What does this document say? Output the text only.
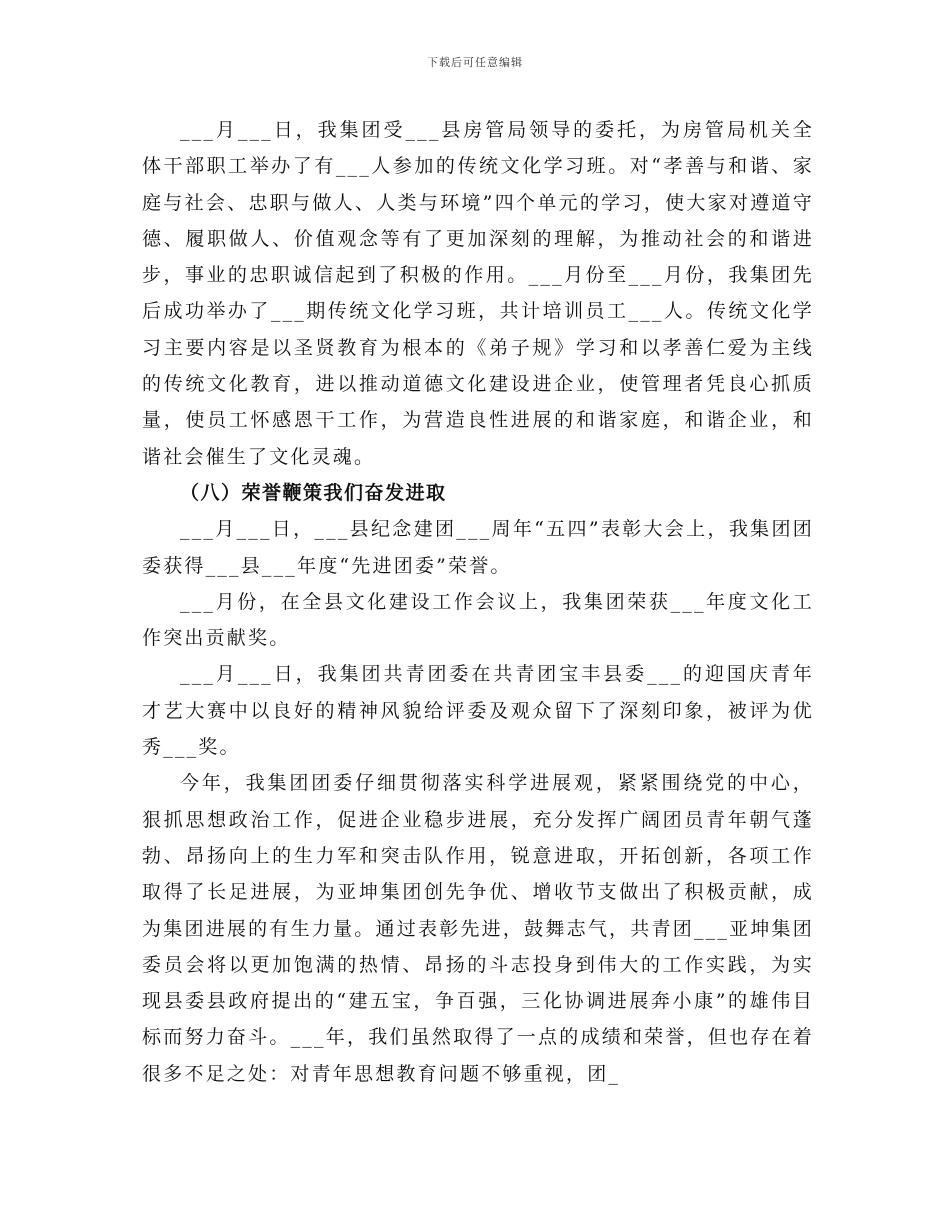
下载后可任意编辑

___月___日，我集团受___县房管局领导的委托，为房管局机关全体干部职工举办了有___人参加的传统文化学习班。对“孝善与和谐、家庭与社会、忠职与做人、人类与环境”四个单元的学习，使大家对遵道守德、履职做人、价值观念等有了更加深刻的理解，为推动社会的和谐进步，事业的忠职诚信起到了积极的作用。___月份至___月份，我集团先后成功举办了___期传统文化学习班，共计培训员工___人。传统文化学习主要内容是以圣贤教育为根本的《弟子规》学习和以孝善仁爱为主线的传统文化教育，进以推动道德文化建设进企业，使管理者凭良心抓质量，使员工怀感恩干工作，为营造良性进展的和谐家庭，和谐企业，和谐社会催生了文化灵魂。

（八）荣誉鞭策我们奋发进取

___月___日，___县纪念建团___周年“五四”表彰大会上，我集团团委获得___县___年度“先进团委”荣誉。

___月份，在全县文化建设工作会议上，我集团荣获___年度文化工作突出贡献奖。

___月___日，我集团共青团委在共青团宝丰县委___的迎国庆青年才艺大赛中以良好的精神风貌给评委及观众留下了深刻印象，被评为优秀___奖。

今年，我集团团委仔细贯彻落实科学进展观，紧紧围绕党的中心，狠抓思想政治工作，促进企业稳步进展，充分发挥广阔团员青年朝气蓬勃、昂扬向上的生力军和突击队作用，锐意进取，开拓创新，各项工作取得了长足进展，为亚坤集团创先争优、增收节支做出了积极贡献，成为集团进展的有生力量。通过表彰先进，鼓舞志气，共青团___亚坤集团委员会将以更加饱满的热情、昂扬的斗志投身到伟大的工作实践，为实现县委县政府提出的“建五宝，争百强，三化协调进展奔小康”的雄伟目标而努力奋斗。___年，我们虽然取得了一点的成绩和荣誉，但也存在着很多不足之处：对青年思想教育问题不够重视，团_
